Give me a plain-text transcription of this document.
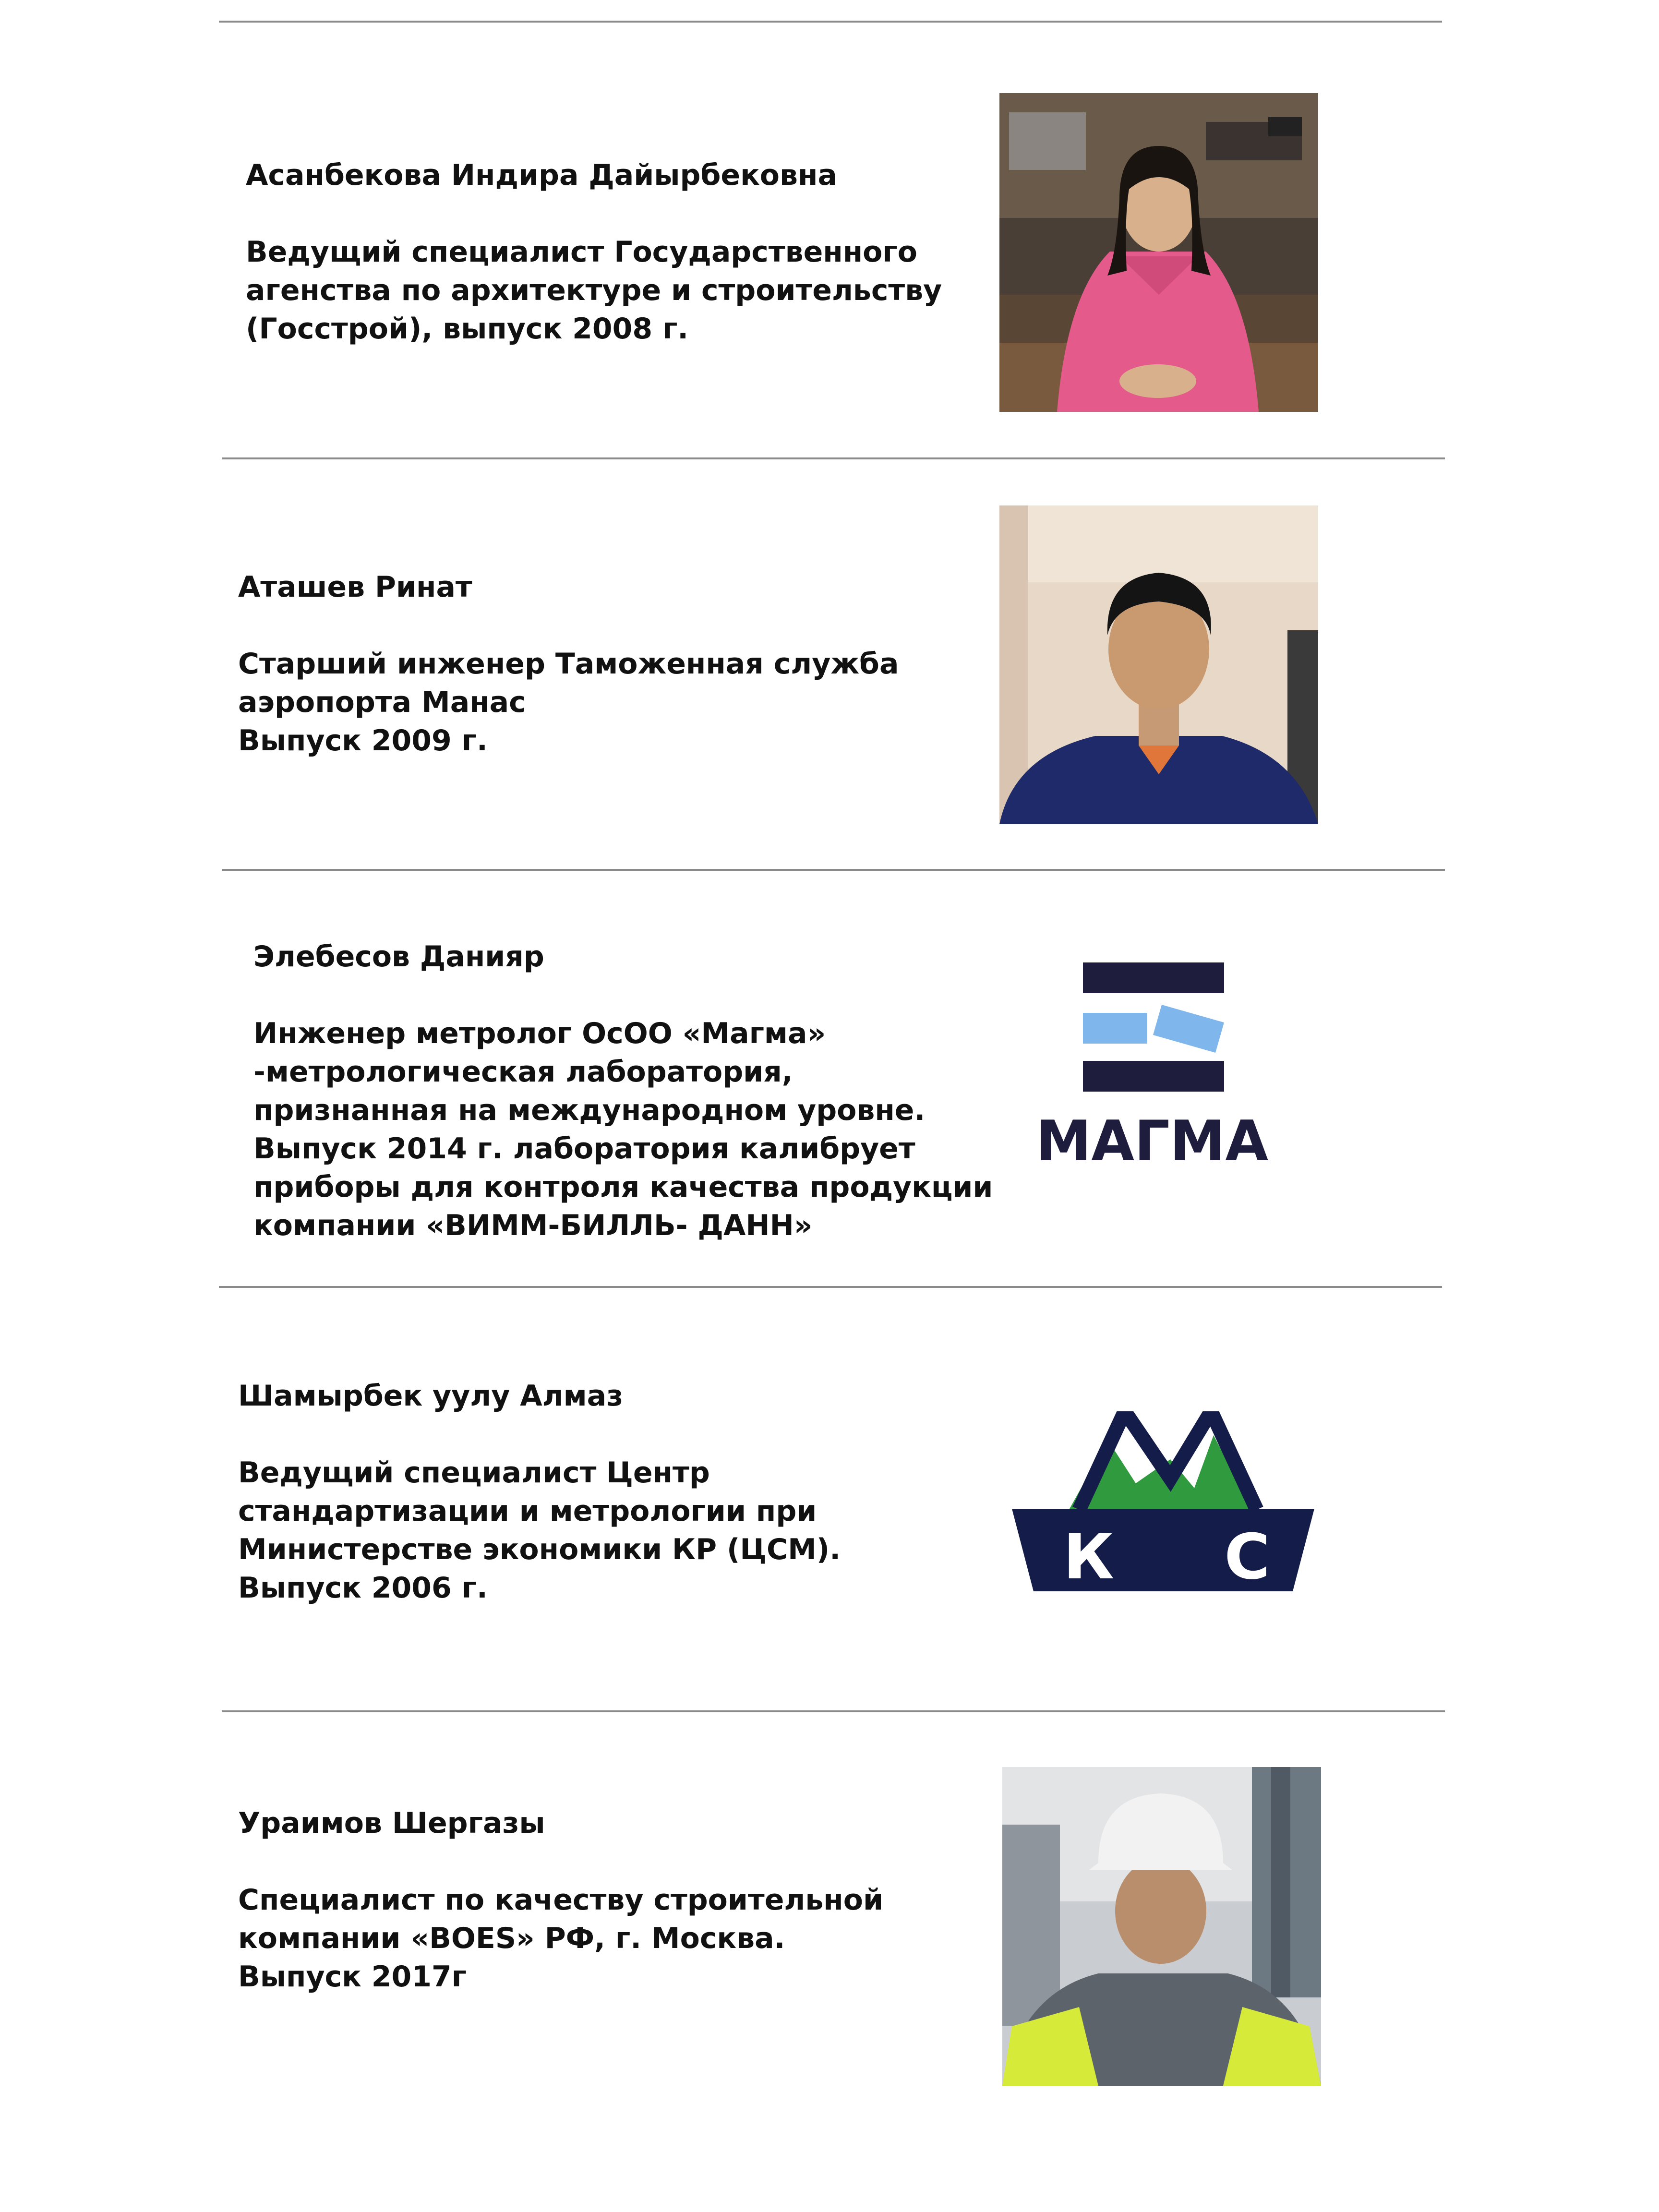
Асанбекова Индира Дайырбековна

Ведущий специалист Государственного
агенства по архитектуре и строительству
(Госстрой), выпуск 2008 г.

Аташев Ринат

Старший инженер Таможенная служба
аэропорта Манас
Выпуск 2009 г.

Элебесов Данияр

Инженер метролог ОсОО «Магма»
-метрологическая лаборатория,
признанная на международном уровне.
Выпуск 2014 г. лаборатория калибрует
приборы для контроля качества продукции
компании «ВИММ-БИЛЛЬ- ДАНН»

МАГМА

Шамырбек уулу Алмаз

Ведущий специалист Центр
стандартизации и метрологии при
Министерстве экономики КР (ЦСМ).
Выпуск 2006 г.	К С

Ураимов Шергазы

Специалист по качеству строительной
компании «BOES» РФ, г. Москва.
Выпуск 2017г
